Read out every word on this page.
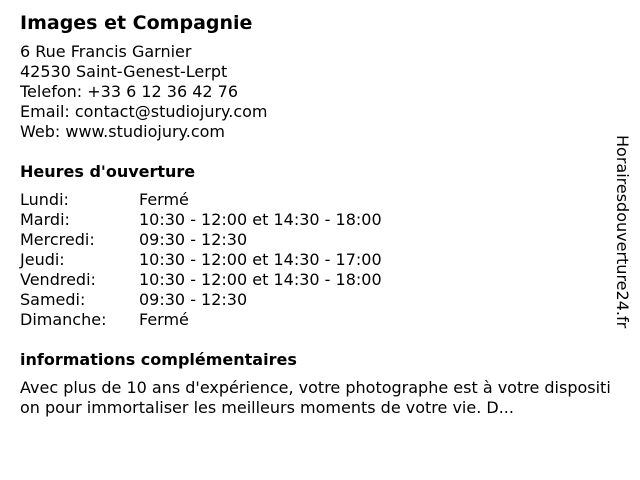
Images et Compagnie
6 Rue Francis Garnier
42530 Saint-Genest-Lerpt
Telefon: +33 6 12 36 42 76
Email: contact@studiojury.com
Web: www.studiojury.com
Heures d'ouverture
Lundi:	Fermé
Mardi:	10:30 - 12:00 et 14:30 - 18:00
Mercredi:	09:30 - 12:30
Jeudi:	10:30 - 12:00 et 14:30 - 17:00
Vendredi:	10:30 - 12:00 et 14:30 - 18:00
Samedi:	09:30 - 12:30
Dimanche:	Fermé
informations complémentaires
Avec plus de 10 ans d'expérience, votre photographe est à votre disposition pour immortaliser les meilleurs moments de votre vie. D...
Horairesdouverture24.fr
